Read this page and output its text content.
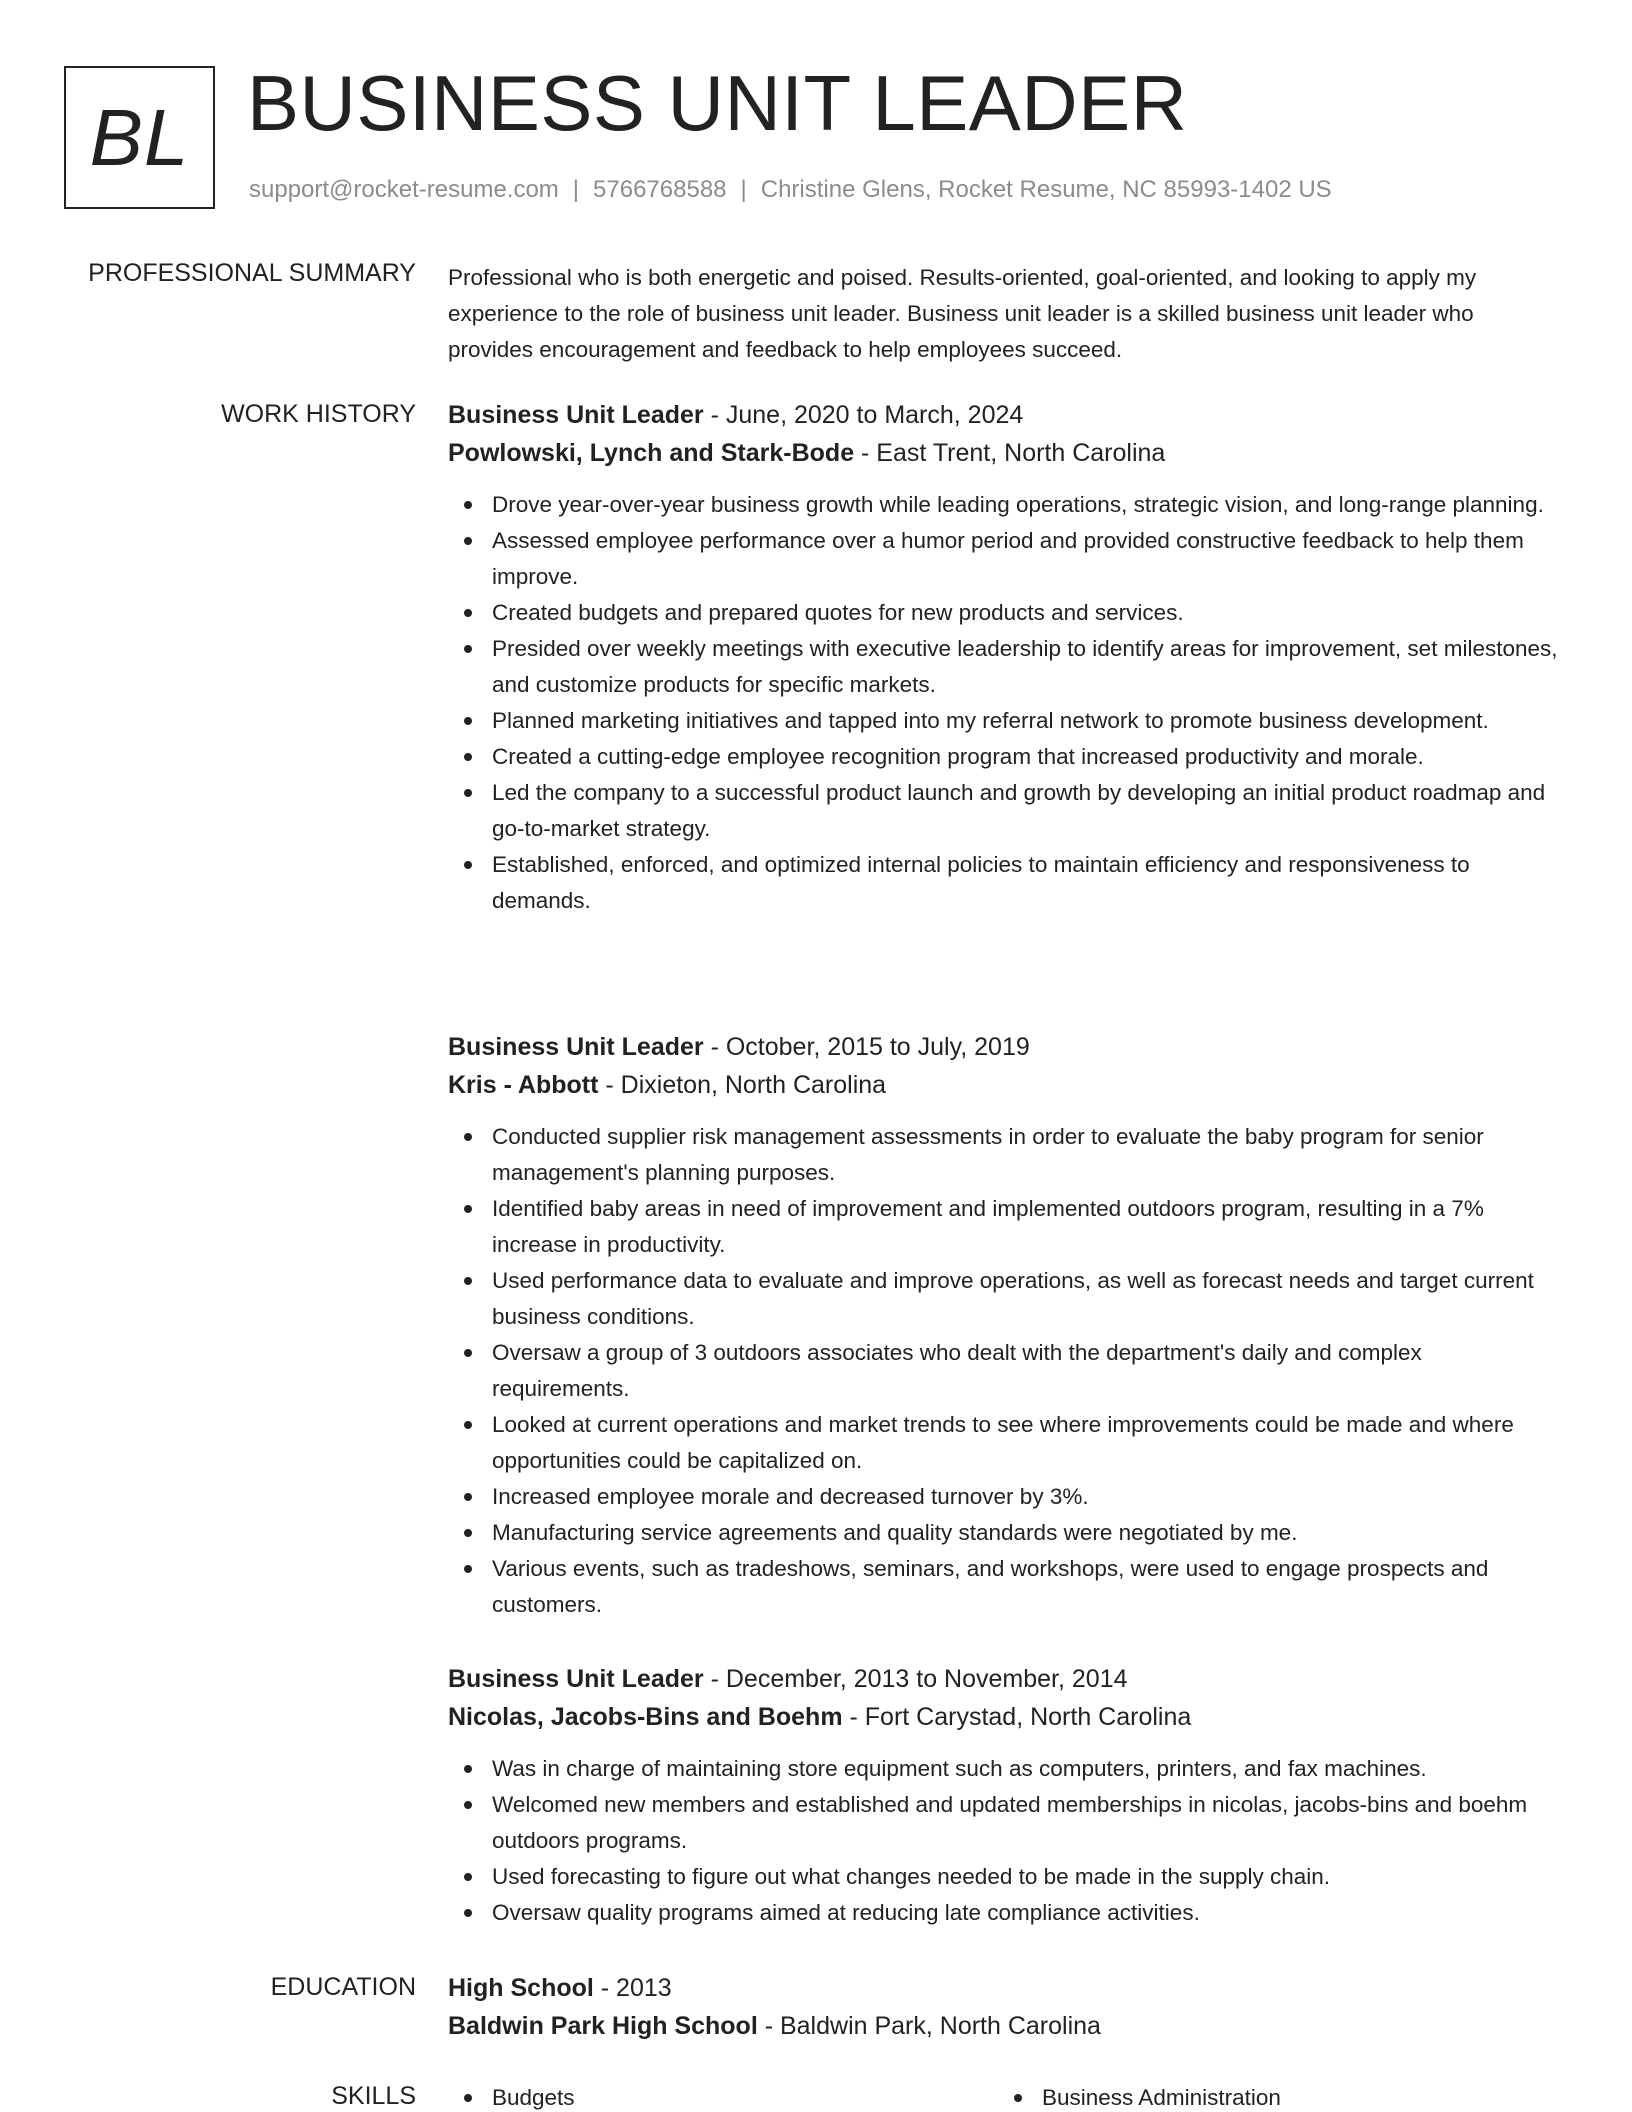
BL BUSINESS UNIT LEADER
support@rocket-resume.com | 5766768588 | Christine Glens, Rocket Resume, NC 85993-1402 US
PROFESSIONAL SUMMARY Professional who is both energetic and poised. Results-oriented, goal-oriented, and looking to apply my experience to the role of business unit leader. Business unit leader is a skilled business unit leader who provides encouragement and feedback to help employees succeed.

WORK HISTORY Business Unit Leader - June, 2020 to March, 2024
Powlowski, Lynch and Stark-Bode - East Trent, North Carolina
Drove year-over-year business growth while leading operations, strategic vision, and long-range planning.
Assessed employee performance over a humor period and provided constructive feedback to help them improve.
Created budgets and prepared quotes for new products and services.
Presided over weekly meetings with executive leadership to identify areas for improvement, set milestones, and customize products for specific markets.
Planned marketing initiatives and tapped into my referral network to promote business development.
Created a cutting-edge employee recognition program that increased productivity and morale.
Led the company to a successful product launch and growth by developing an initial product roadmap and go-to-market strategy.
Established, enforced, and optimized internal policies to maintain efficiency and responsiveness to demands.
Business Unit Leader - October, 2015 to July, 2019
Kris - Abbott - Dixieton, North Carolina
Conducted supplier risk management assessments in order to evaluate the baby program for senior management's planning purposes.
Identified baby areas in need of improvement and implemented outdoors program, resulting in a 7% increase in productivity.
Used performance data to evaluate and improve operations, as well as forecast needs and target current business conditions.
Oversaw a group of 3 outdoors associates who dealt with the department's daily and complex requirements.
Looked at current operations and market trends to see where improvements could be made and where opportunities could be capitalized on.
Increased employee morale and decreased turnover by 3%.
Manufacturing service agreements and quality standards were negotiated by me.
Various events, such as tradeshows, seminars, and workshops, were used to engage prospects and customers.
Business Unit Leader - December, 2013 to November, 2014
Nicolas, Jacobs-Bins and Boehm - Fort Carystad, North Carolina
Was in charge of maintaining store equipment such as computers, printers, and fax machines.
Welcomed new members and established and updated memberships in nicolas, jacobs-bins and boehm outdoors programs.
Used forecasting to figure out what changes needed to be made in the supply chain.
Oversaw quality programs aimed at reducing late compliance activities.
EDUCATION High School - 2013
Baldwin Park High School - Baldwin Park, North Carolina
SKILLS	Budgets	Business Administration
